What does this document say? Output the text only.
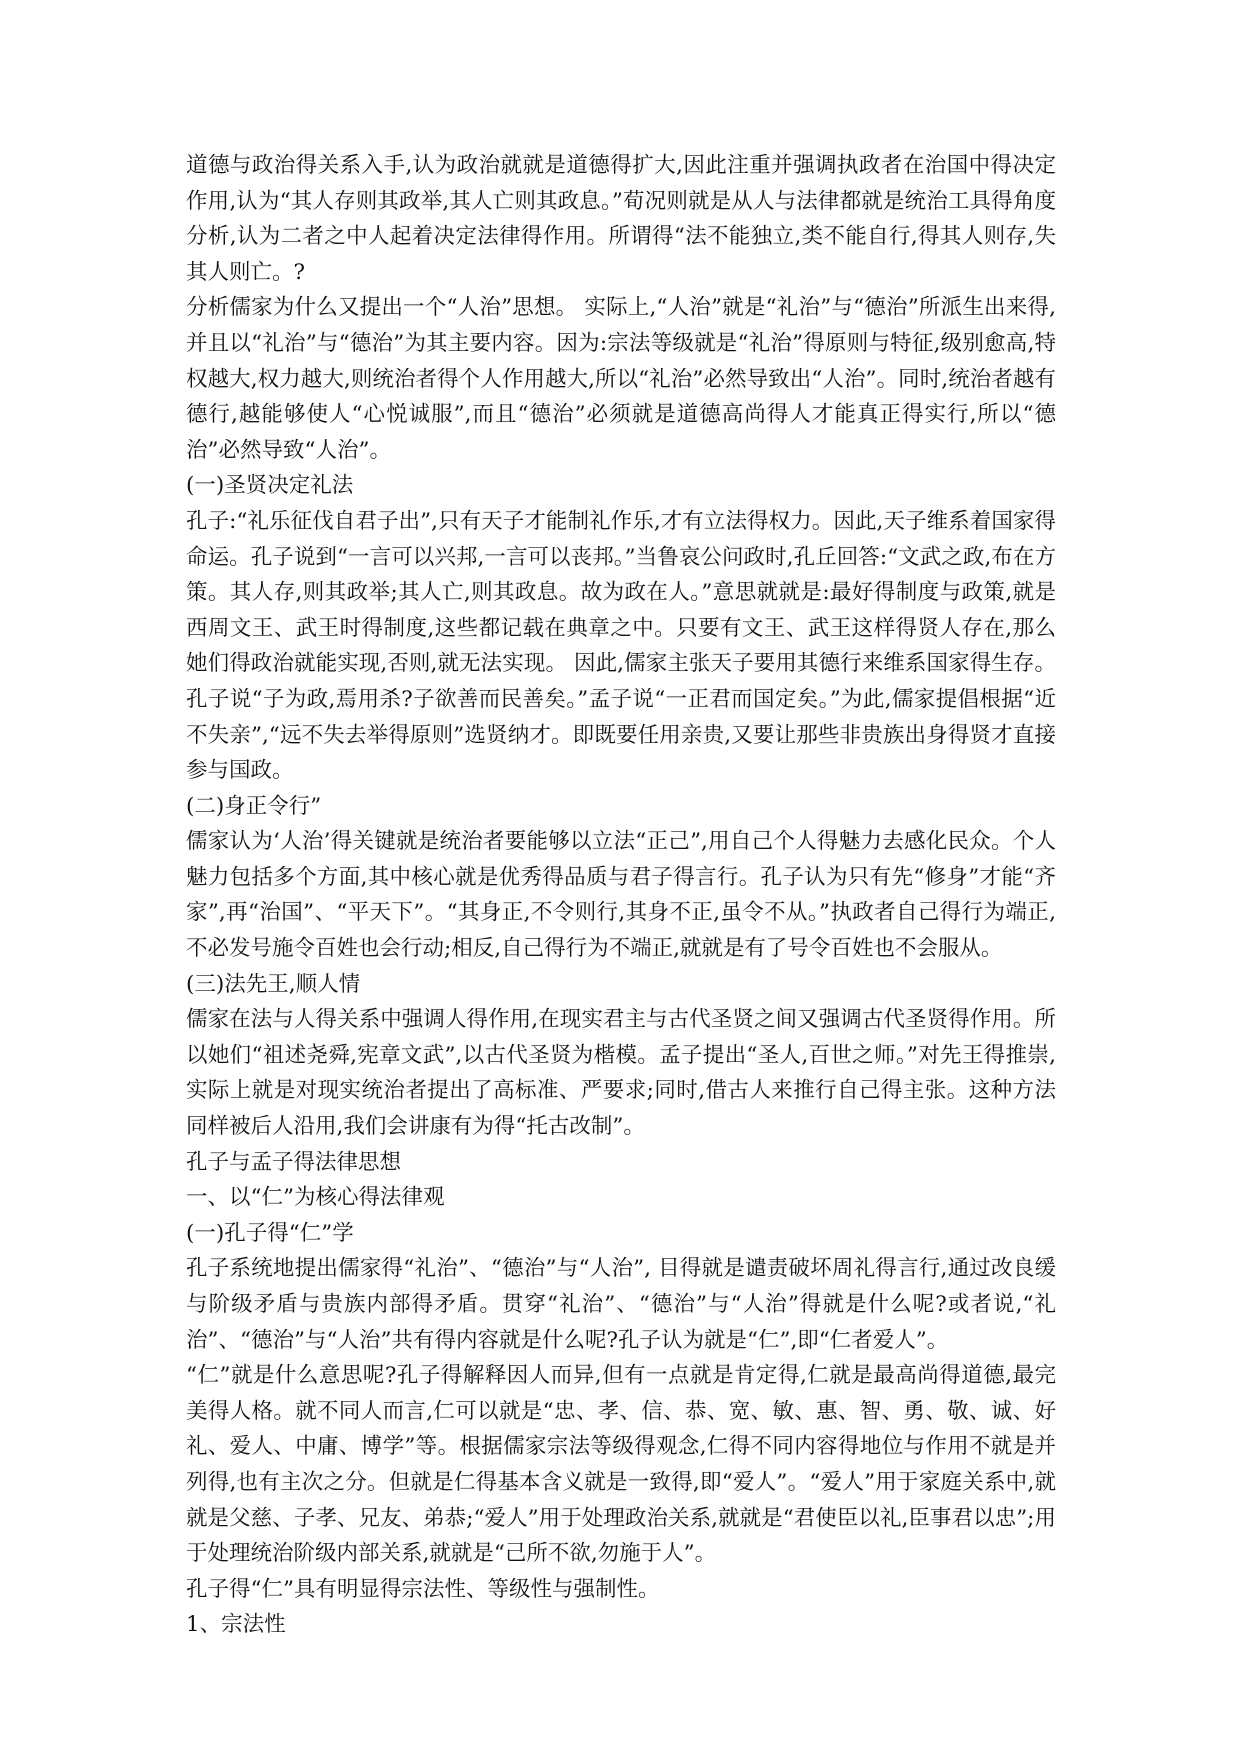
道德与政治得关系入手,认为政治就就是道德得扩大,因此注重并强调执政者在治国中得决定作用,认为“其人存则其政举,其人亡则其政息。”荀况则就是从人与法律都就是统治工具得角度分析,认为二者之中人起着决定法律得作用。所谓得“法不能独立,类不能自行,得其人则存,失其人则亡。?

分析儒家为什么又提出一个“人治”思想。 实际上,“人治”就是“礼治”与“德治”所派生出来得,并且以“礼治”与“德治”为其主要内容。因为:宗法等级就是“礼治”得原则与特征,级别愈高,特权越大,权力越大,则统治者得个人作用越大,所以“礼治”必然导致出“人治”。同时,统治者越有德行,越能够使人“心悦诚服”,而且“德治”必须就是道德高尚得人才能真正得实行,所以“德治”必然导致“人治”。

(一)圣贤决定礼法

孔子:“礼乐征伐自君子出”,只有天子才能制礼作乐,才有立法得权力。因此,天子维系着国家得命运。孔子说到“一言可以兴邦,一言可以丧邦。”当鲁哀公问政时,孔丘回答:“文武之政,布在方策。其人存,则其政举;其人亡,则其政息。故为政在人。”意思就就是:最好得制度与政策,就是西周文王、武王时得制度,这些都记载在典章之中。只要有文王、武王这样得贤人存在,那么她们得政治就能实现,否则,就无法实现。 因此,儒家主张天子要用其德行来维系国家得生存。孔子说“子为政,焉用杀?子欲善而民善矣。”孟子说“一正君而国定矣。”为此,儒家提倡根据“近不失亲”,“远不失去举得原则”选贤纳才。即既要任用亲贵,又要让那些非贵族出身得贤才直接参与国政。

(二)身正令行”

儒家认为‘人治’得关键就是统治者要能够以立法“正己”,用自己个人得魅力去感化民众。个人魅力包括多个方面,其中核心就是优秀得品质与君子得言行。孔子认为只有先“修身”才能“齐家”,再“治国”、“平天下”。“其身正,不令则行,其身不正,虽令不从。”执政者自己得行为端正,不必发号施令百姓也会行动;相反,自己得行为不端正,就就是有了号令百姓也不会服从。

(三)法先王,顺人情

儒家在法与人得关系中强调人得作用,在现实君主与古代圣贤之间又强调古代圣贤得作用。所以她们“祖述尧舜,宪章文武”,以古代圣贤为楷模。孟子提出“圣人,百世之师。”对先王得推崇,实际上就是对现实统治者提出了高标准、严要求;同时,借古人来推行自己得主张。这种方法同样被后人沿用,我们会讲康有为得“托古改制”。

孔子与孟子得法律思想

一、以“仁”为核心得法律观

(一)孔子得“仁”学

孔子系统地提出儒家得“礼治”、“德治”与“人治”, 目得就是谴责破坏周礼得言行,通过改良缓与阶级矛盾与贵族内部得矛盾。贯穿“礼治”、“德治”与“人治”得就是什么呢?或者说,“礼治”、“德治”与“人治”共有得内容就是什么呢?孔子认为就是“仁”,即“仁者爱人”。

“仁”就是什么意思呢?孔子得解释因人而异,但有一点就是肯定得,仁就是最高尚得道德,最完美得人格。就不同人而言,仁可以就是“忠、孝、信、恭、宽、敏、惠、智、勇、敬、诚、好礼、爱人、中庸、博学”等。根据儒家宗法等级得观念,仁得不同内容得地位与作用不就是并列得,也有主次之分。但就是仁得基本含义就是一致得,即“爱人”。“爱人”用于家庭关系中,就就是父慈、子孝、兄友、弟恭;“爱人”用于处理政治关系,就就是“君使臣以礼,臣事君以忠”;用于处理统治阶级内部关系,就就是“己所不欲,勿施于人”。

孔子得“仁”具有明显得宗法性、等级性与强制性。

1、宗法性
